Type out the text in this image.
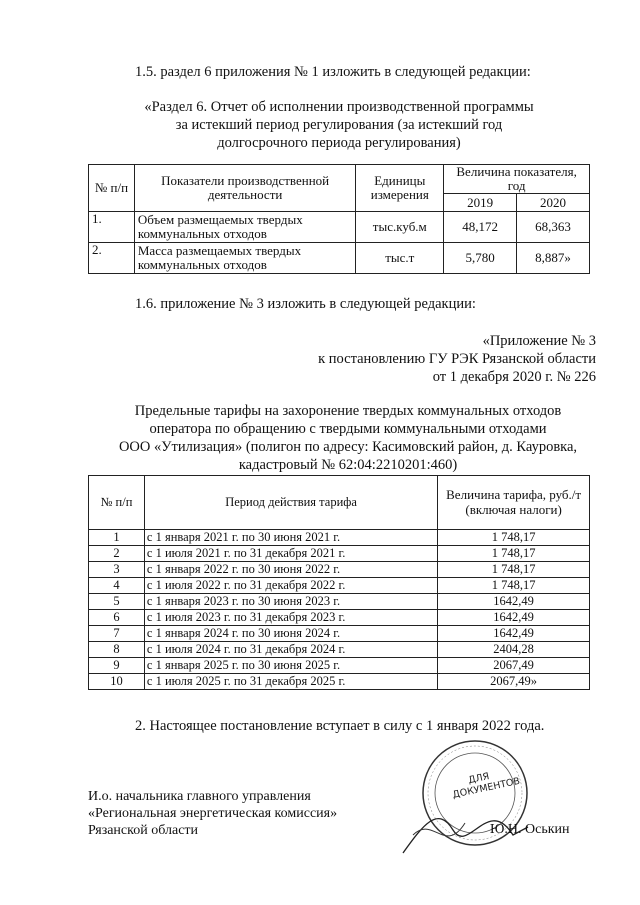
1.5. раздел 6 приложения № 1 изложить в следующей редакции:
«Раздел 6. Отчет об исполнении производственной программы
за истекший период регулирования (за истекший год
долгосрочного периода регулирования)
№ п/п	Показатели производственной деятельности	Единицы измерения	Величина показателя, год	
			2019	2020
1.	Объем размещаемых твердых коммунальных отходов	тыс.куб.м	48,172	68,363
2.	Масса размещаемых твердых коммунальных отходов	тыс.т	5,780	8,887»
1.6. приложение № 3 изложить в следующей редакции:
«Приложение № 3
к постановлению ГУ РЭК Рязанской области
от 1 декабря 2020 г. № 226
Предельные тарифы на захоронение твердых коммунальных отходов
оператора по обращению с твердыми коммунальными отходами
ООО «Утилизация» (полигон по адресу: Касимовский район, д. Кауровка,
кадастровый № 62:04:2210201:460)
№ п/п	Период действия тарифа	Величина тарифа, руб./т (включая налоги)
1	с 1 января 2021 г. по 30 июня 2021 г.	1 748,17
2	с 1 июля 2021 г. по 31 декабря 2021 г.	1 748,17
3	с 1 января 2022 г. по 30 июня 2022 г.	1 748,17
4	с 1 июля 2022 г. по 31 декабря 2022 г.	1 748,17
5	с 1 января 2023 г. по 30 июня 2023 г.	1642,49
6	с 1 июля 2023 г. по 31 декабря 2023 г.	1642,49
7	с 1 января 2024 г. по 30 июня 2024 г.	1642,49
8	с 1 июля 2024 г. по 31 декабря 2024 г.	2404,28
9	с 1 января 2025 г. по 30 июня 2025 г.	2067,49
10	с 1 июля 2025 г. по 31 декабря 2025 г.	2067,49»
2. Настоящее постановление вступает в силу с 1 января 2022 года.
И.о. начальника главного управления
«Региональная энергетическая комиссия»
Рязанской области
ДЛЯ ДОКУМЕНТОВ
Ю.Н. Оськин
